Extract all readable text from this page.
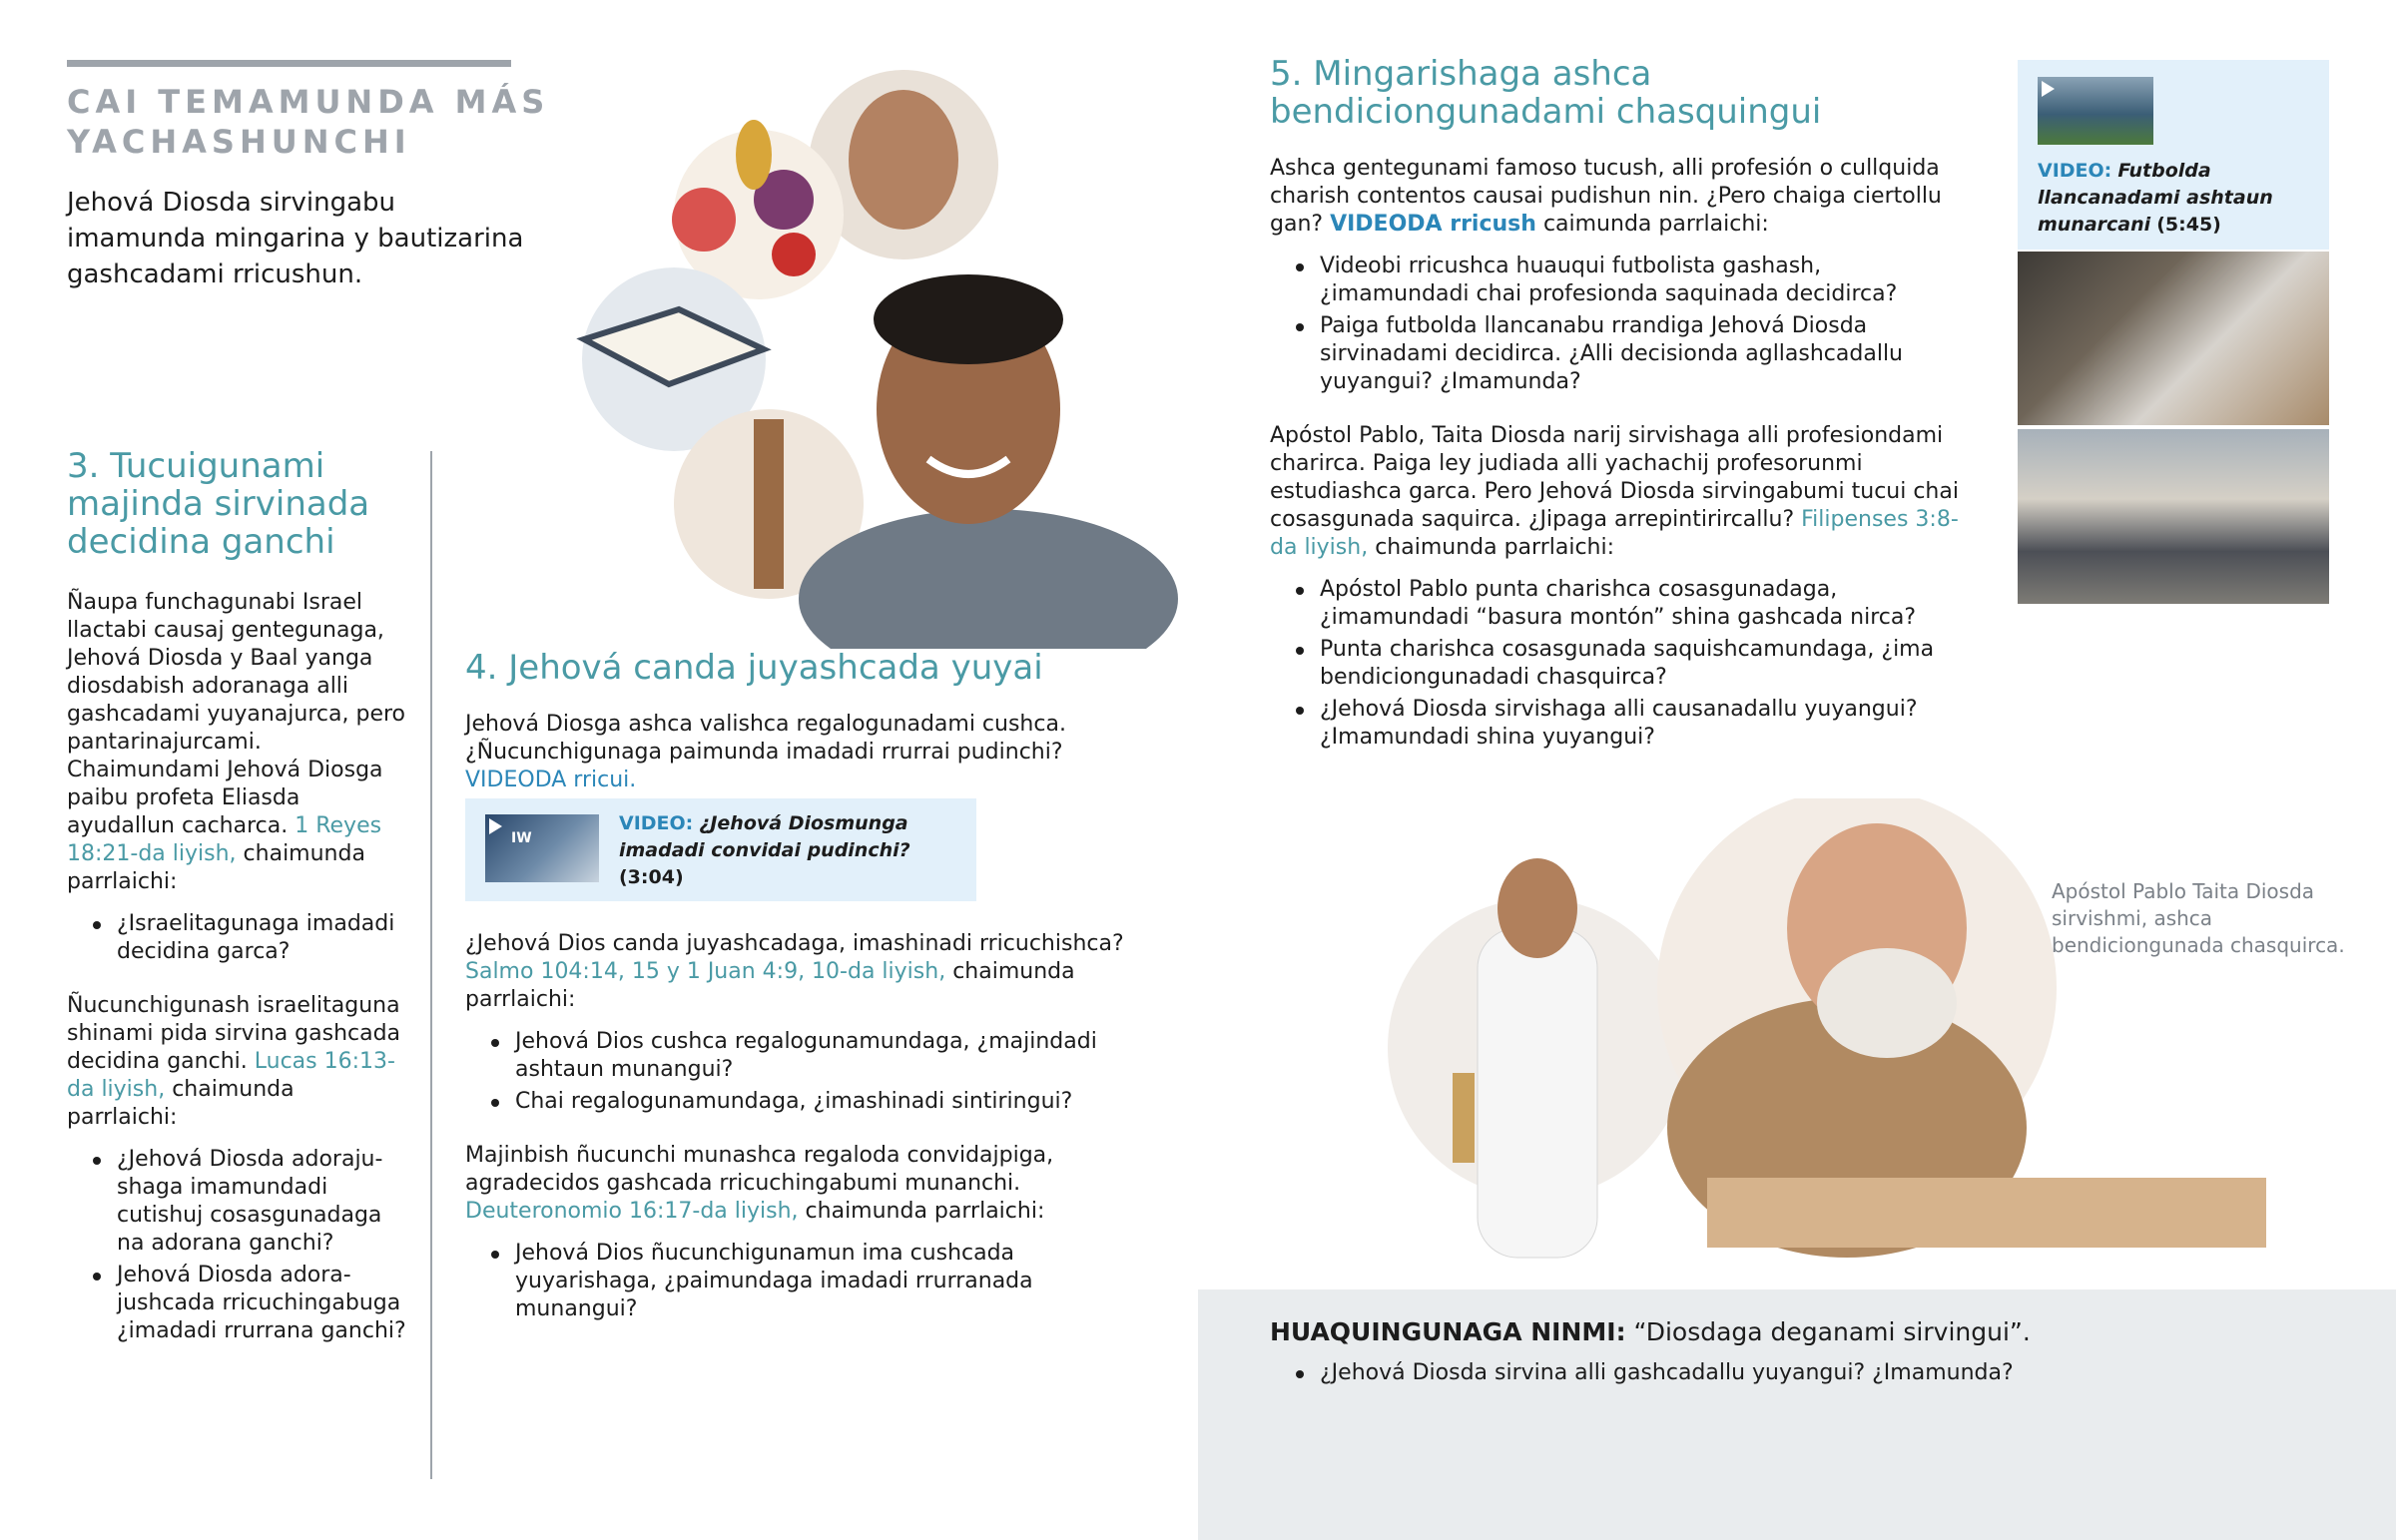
CAI TEMAMUNDA MÁS YACHASHUNCHI
Jehová Diosda sirvingabu imamunda mingarina y bautizarina gashcadami rricushun.
3. Tucuigunami majinda sirvinada decidina ganchi

Ñaupa funchagunabi Israel llactabi causaj gentegunaga, Jehová Diosda y Baal yanga diosdabish adoranaga alli gashcadami yuyanajurca, pero pantarinajurcami. Chaimundami Jehová Diosga paibu profeta Eliasda ayudallun cacharca. 1 Reyes 18:21-da liyish, chaimunda parrlaichi:

¿Israelitagunaga imadadi decidina garca?

Ñucunchigunash israelitaguna shinami pida sirvina gashcada decidina ganchi. Lucas 16:13-da liyish, chaimunda parrlaichi:

¿Jehová Diosda adorajushaga imamundadi cutishuj cosasgunadaga na adorana ganchi?
Jehová Diosda adorajushcada rricuchingabuga ¿imadadi rrurrana ganchi?
4. Jehová canda juyashcada yuyai

Jehová Diosga ashca valishca regalogunadami cushca. ¿Ñucunchigunaga paimunda imadadi rrurrai pudinchi? VIDEODA rricui.

IW
VIDEO: ¿Jehová Diosmunga imadadi convidai pudinchi? (3:04)

¿Jehová Dios canda juyashcadaga, imashinadi rricuchishca? Salmo 104:14, 15 y 1 Juan 4:9, 10-da liyish, chaimunda parrlaichi:

Jehová Dios cushca regalogunamundaga, ¿majindadi ashtaun munangui?
Chai regalogunamundaga, ¿imashinadi sintiringui?

Majinbish ñucunchi munashca regaloda convidajpiga, agradecidos gashcada rricuchingabumi munanchi. Deuteronomio 16:17-da liyish, chaimunda parrlaichi:

Jehová Dios ñucunchigunamun ima cushcada yuyarishaga, ¿paimundaga imadadi rrurranada munangui?
5. Mingarishaga ashca bendiciongunadami chasquingui

Ashca gentegunami famoso tucush, alli profesión o cullquida charish contentos causai pudishun nin. ¿Pero chaiga ciertollu gan? VIDEODA rricush caimunda parrlaichi:

Videobi rricushca huauqui futbolista gashash, ¿imamundadi chai profesionda saquinada decidirca?
Paiga futbolda llancanabu rrandiga Jehová Diosda sirvinadami decidirca. ¿Alli decisionda agllashcadallu yuyangui? ¿Imamunda?

Apóstol Pablo, Taita Diosda narij sirvishaga alli profesiondami charirca. Paiga ley judiada alli yachachij profesorunmi estudiashca garca. Pero Jehová Diosda sirvingabumi tucui chai cosasgunada saquirca. ¿Jipaga arrepintirircallu? Filipenses 3:8-da liyish, chaimunda parrlaichi:

Apóstol Pablo punta charishca cosasgunadaga, ¿imamundadi “basura montón” shina gashcada nirca?
Punta charishca cosasgunada saquishcamundaga, ¿ima bendiciongunadadi chasquirca?
¿Jehová Diosda sirvishaga alli causanadallu yuyangui? ¿Imamundadi shina yuyangui?
VIDEO: Futbolda llancanadami ashtaun munarcani (5:45)
Apóstol Pablo Taita Diosda sirvishmi, ashca bendiciongunada chasquirca.

HUAQUINGUNAGA NINMI: “Diosdaga deganami sirvingui”.

¿Jehová Diosda sirvina alli gashcadallu yuyangui? ¿Imamunda?
